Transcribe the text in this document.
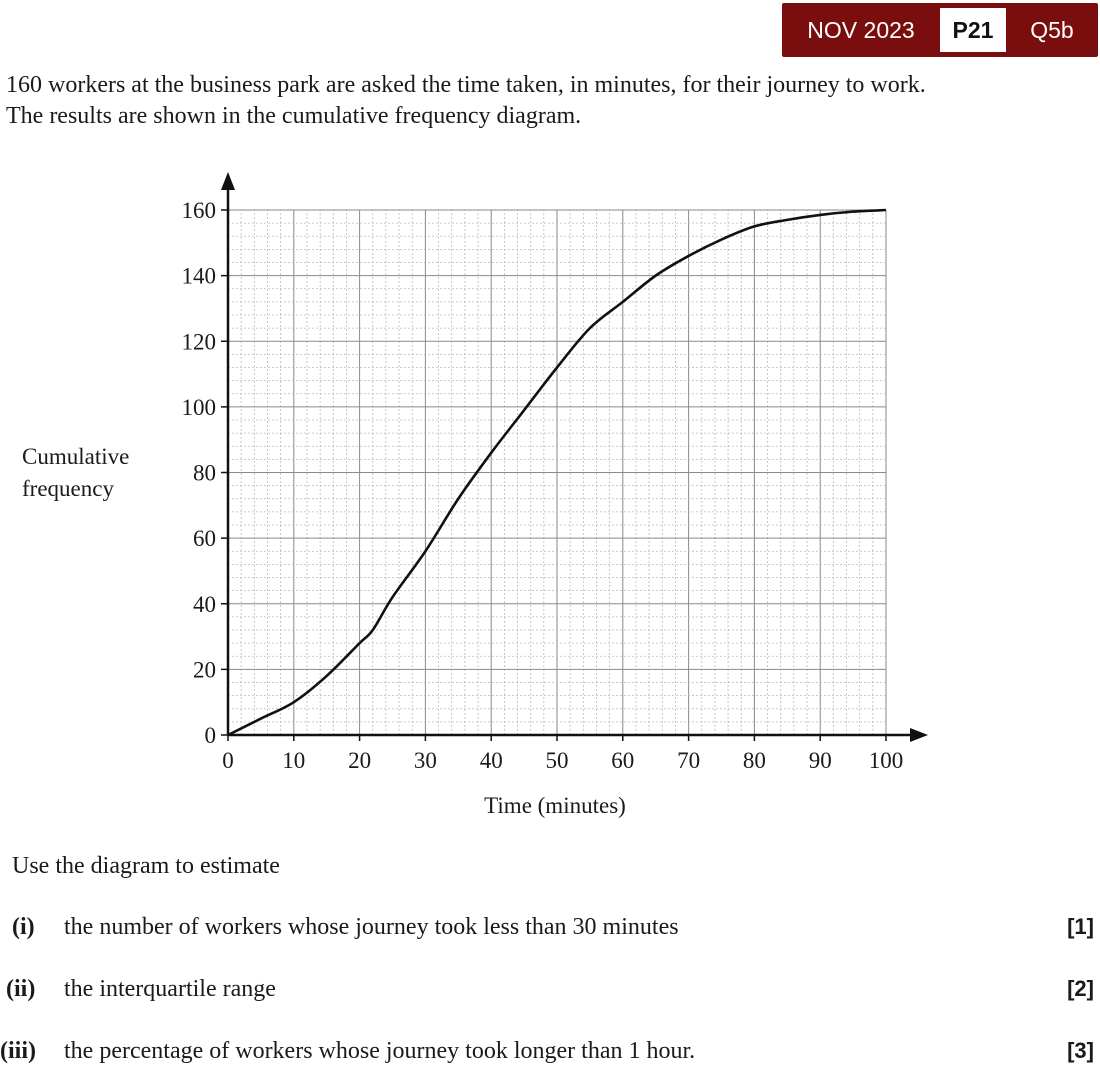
NOV 2023	P21	Q5b
160 workers at the business park are asked the time taken, in minutes, for their journey to work.
The results are shown in the cumulative frequency diagram.
0 10 20 30 40 50 60 70 80 90 100
0
20
40
60
80
100
120
140
160
Time (minutes)
Cumulative
frequency
Use the diagram to estimate
(i) the number of workers whose journey took less than 30 minutes	[1]
(ii) the interquartile range	[2]
(iii) the percentage of workers whose journey took longer than 1 hour.	[3]
